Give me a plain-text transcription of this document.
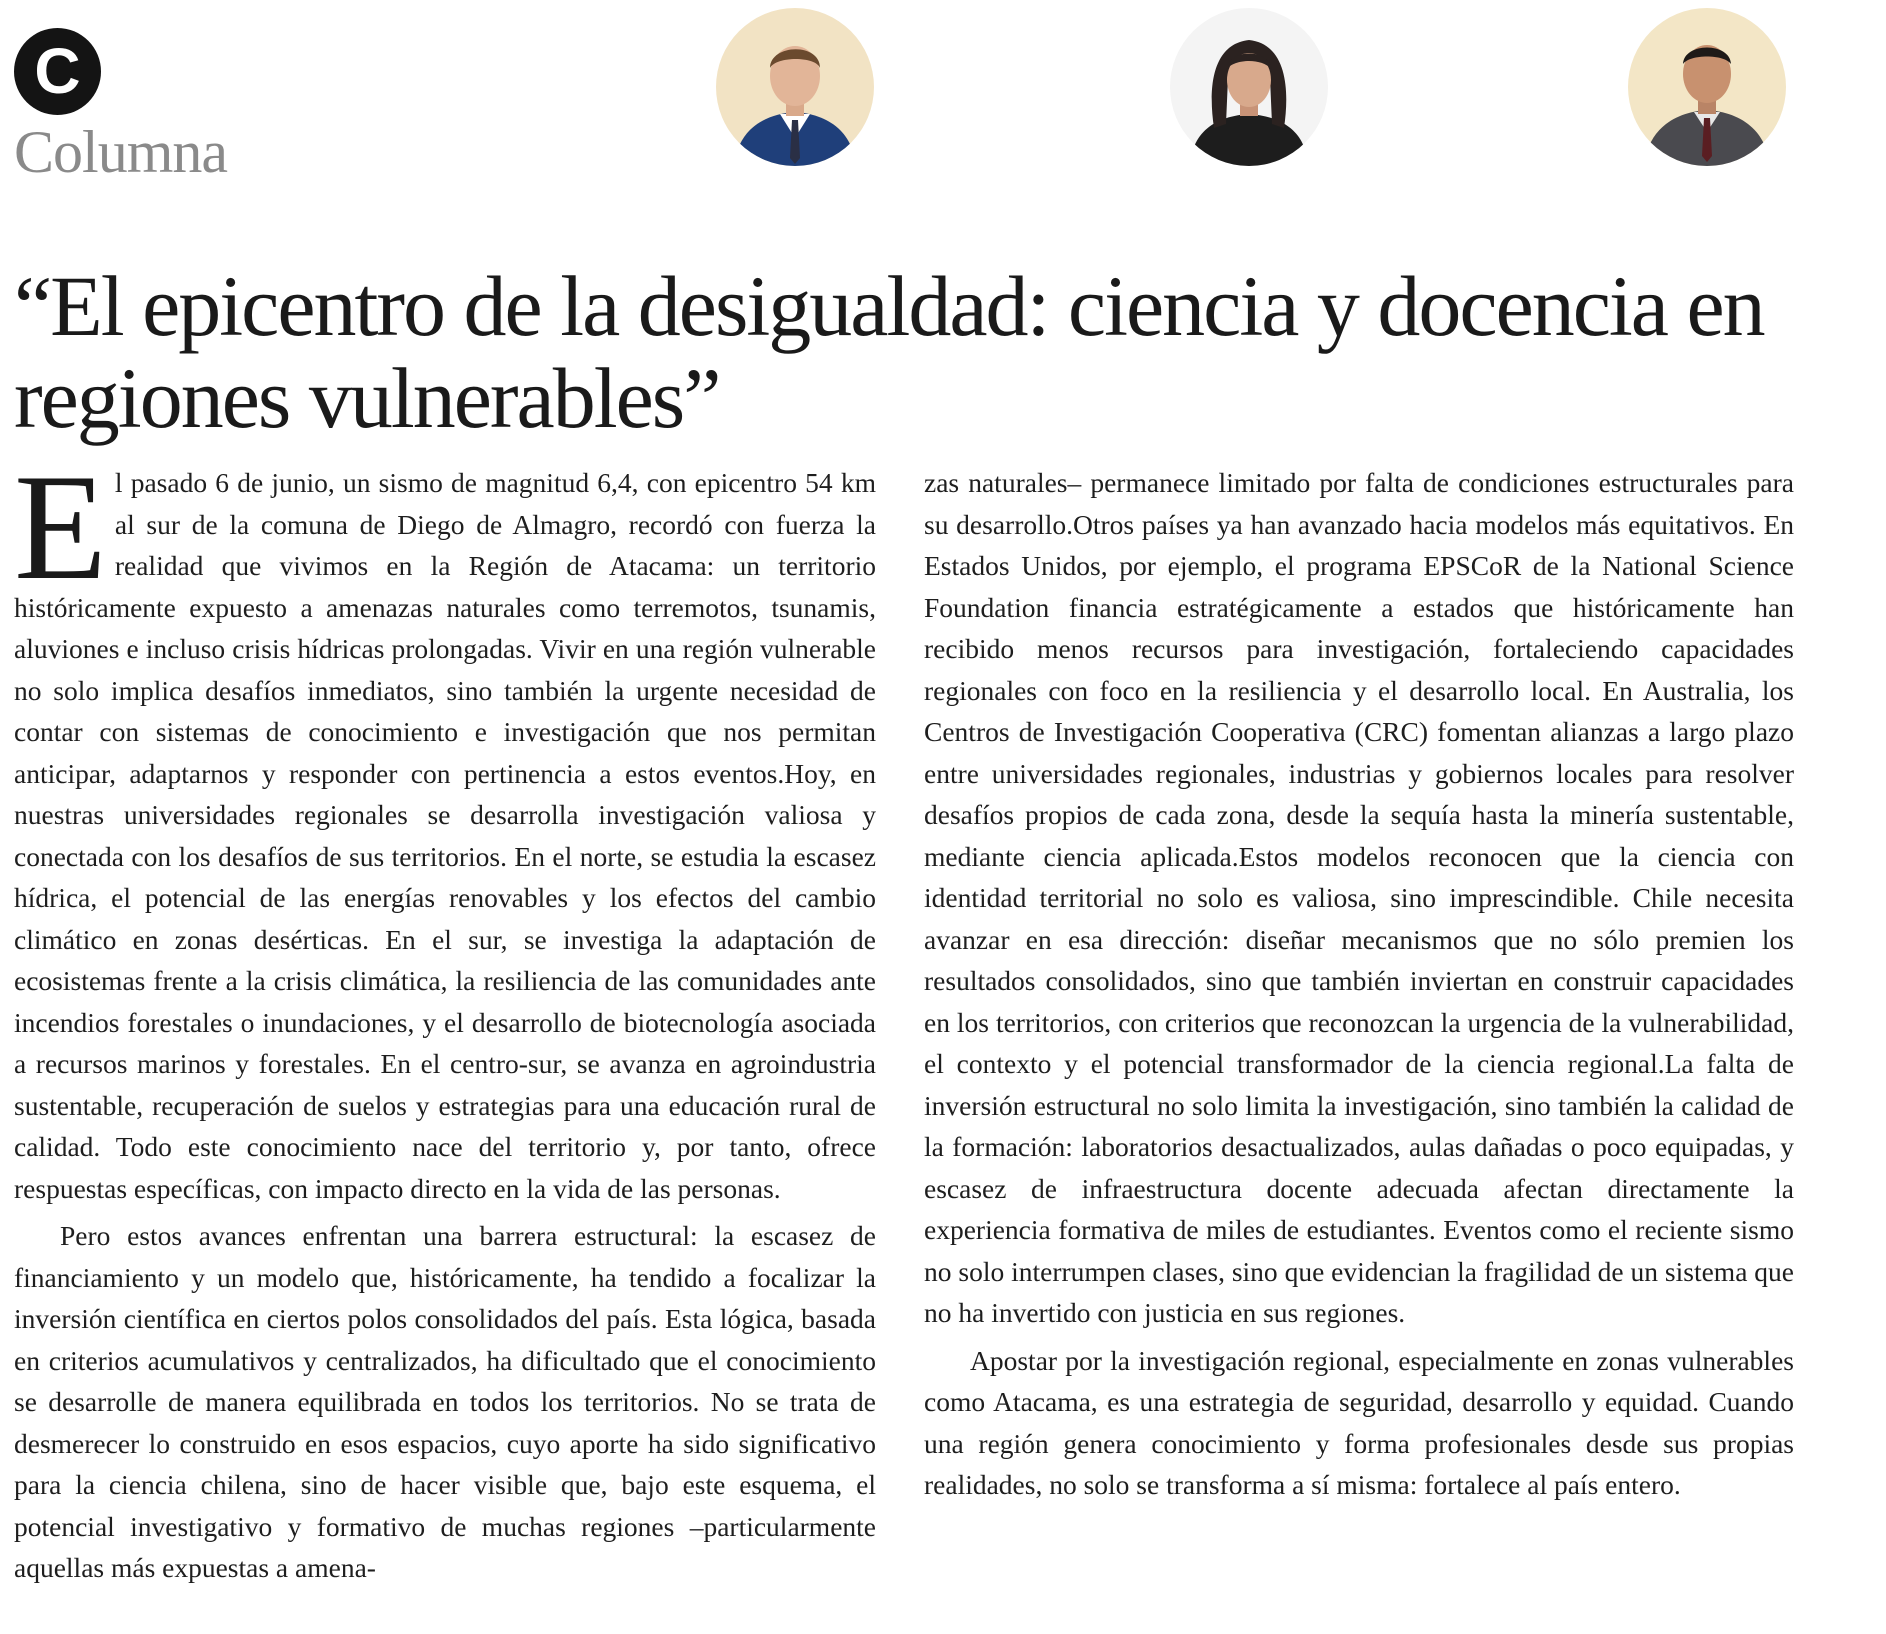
C
Columna
“El epicentro de la desigualdad: ciencia y docencia en regiones vulnerables”

El pasado 6 de junio, un sismo de magnitud 6,4, con epicentro 54 km al sur de la comuna de Diego de Almagro, recordó con fuerza la realidad que vivimos en la Región de Atacama: un territorio históricamente expuesto a amenazas naturales como terremotos, tsunamis, aluviones e incluso crisis hídricas prolongadas. Vivir en una región vulnerable no solo implica desafíos inmediatos, sino también la urgente necesidad de contar con sistemas de conocimiento e investigación que nos permitan anticipar, adaptarnos y responder con pertinencia a estos eventos.Hoy, en nuestras universidades regionales se desarrolla investigación valiosa y conectada con los desafíos de sus territorios. En el norte, se estudia la escasez hídrica, el potencial de las energías renovables y los efectos del cambio climático en zonas desérticas. En el sur, se investiga la adaptación de ecosistemas frente a la crisis climática, la resiliencia de las comunidades ante incendios forestales o inundaciones, y el desarrollo de biotecnología asociada a recursos marinos y forestales. En el centro-sur, se avanza en agroindustria sustentable, recuperación de suelos y estrategias para una educación rural de calidad. Todo este conocimiento nace del territorio y, por tanto, ofrece respuestas específicas, con impacto directo en la vida de las personas.

Pero estos avances enfrentan una barrera estructural: la escasez de financiamiento y un modelo que, históricamente, ha tendido a focalizar la inversión científica en ciertos polos consolidados del país. Esta lógica, basada en criterios acumulativos y centralizados, ha dificultado que el conocimiento se desarrolle de manera equilibrada en todos los territorios. No se trata de desmerecer lo construido en esos espacios, cuyo aporte ha sido significativo para la ciencia chilena, sino de hacer visible que, bajo este esquema, el potencial investigativo y formativo de muchas regiones –particularmente aquellas más expuestas a amena-

zas naturales– permanece limitado por falta de condiciones estructurales para su desarrollo.Otros países ya han avanzado hacia modelos más equitativos. En Estados Unidos, por ejemplo, el programa EPSCoR de la National Science Foundation financia estratégicamente a estados que históricamente han recibido menos recursos para investigación, fortaleciendo capacidades regionales con foco en la resiliencia y el desarrollo local. En Australia, los Centros de Investigación Cooperativa (CRC) fomentan alianzas a largo plazo entre universidades regionales, industrias y gobiernos locales para resolver desafíos propios de cada zona, desde la sequía hasta la minería sustentable, mediante ciencia aplicada.Estos modelos reconocen que la ciencia con identidad territorial no solo es valiosa, sino imprescindible. Chile necesita avanzar en esa dirección: diseñar mecanismos que no sólo premien los resultados consolidados, sino que también inviertan en construir capacidades en los territorios, con criterios que reconozcan la urgencia de la vulnerabilidad, el contexto y el potencial transformador de la ciencia regional.La falta de inversión estructural no solo limita la investigación, sino también la calidad de la formación: laboratorios desactualizados, aulas dañadas o poco equipadas, y escasez de infraestructura docente adecuada afectan directamente la experiencia formativa de miles de estudiantes. Eventos como el reciente sismo no solo interrumpen clases, sino que evidencian la fragilidad de un sistema que no ha invertido con justicia en sus regiones.

Apostar por la investigación regional, especialmente en zonas vulnerables como Atacama, es una estrategia de seguridad, desarrollo y equidad. Cuando una región genera conocimiento y forma profesionales desde sus propias realidades, no solo se transforma a sí misma: fortalece al país entero.
